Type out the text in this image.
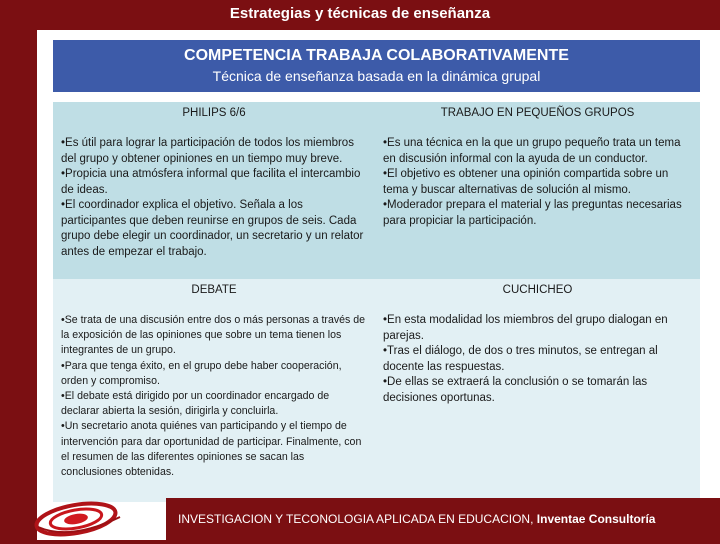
Estrategias y técnicas de enseñanza
COMPETENCIA TRABAJA COLABORATIVAMENTE
Técnica de enseñanza basada en la dinámica grupal
PHILIPS 6/6	TRABAJO EN PEQUEÑOS GRUPOS
•Es útil para lograr la participación de todos los miembros del grupo y obtener opiniones en un tiempo muy breve.
•Propicia una atmósfera informal que facilita el intercambio de ideas.
•El coordinador explica el objetivo. Señala a los participantes que deben reunirse en grupos de seis. Cada grupo debe elegir un coordinador, un secretario y un relator antes de empezar el trabajo.
•Es una técnica en la que un grupo pequeño trata un tema en discusión informal con la ayuda de un conductor.
•El objetivo es obtener una opinión compartida sobre un tema y buscar alternativas de solución al mismo.
•Moderador prepara el material y las preguntas necesarias para propiciar la participación.
DEBATE	CUCHICHEO
•Se trata de una discusión entre dos o más personas a través de la exposición de las opiniones que sobre un tema tienen los integrantes de un grupo.
•Para que tenga éxito, en el grupo debe haber cooperación, orden y compromiso.
•El debate está dirigido por un coordinador encargado de declarar abierta la sesión, dirigirla y concluirla.
•Un secretario anota quiénes van participando y el tiempo de intervención para dar oportunidad de participar. Finalmente, con el resumen de las diferentes opiniones se sacan las conclusiones obtenidas.
•En esta modalidad los miembros del grupo dialogan en parejas.
•Tras el diálogo, de dos o tres minutos, se entregan al docente las respuestas.
•De ellas se extraerá la conclusión o se tomarán las decisiones oportunas.
INVESTIGACION Y TECONOLOGIA APLICADA EN EDUCACION, Inventae Consultoría
